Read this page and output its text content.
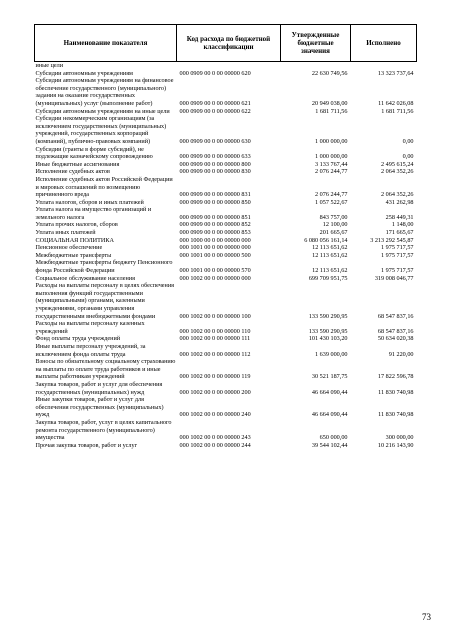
Наименование показателя	Код расхода по бюджетной классификации	Утвержденные бюджетные значения	Исполнено
иные цели			
Субсидии автономным учреждениям	000 0909 00 0 00 00000 620	22 630 749,56	13 323 737,64
Субсидии автономным учреждениям на финансовое обеспечение государственного (муниципального) задания на оказание государственных (муниципальных) услуг (выполнение работ)	000 0909 00 0 00 00000 621	20 949 038,00	11 642 026,08
Субсидии автономным учреждениям на иные цели	000 0909 00 0 00 00000 622	1 681 711,56	1 681 711,56
Субсидии некоммерческим организациям (за исключением государственных (муниципальных) учреждений, государственных корпораций (компаний), публично-правовых компаний)	000 0909 00 0 00 00000 630	1 000 000,00	0,00
Субсидии (гранты в форме субсидий), не подлежащие казначейскому сопровождению	000 0909 00 0 00 00000 633	1 000 000,00	0,00
Иные бюджетные ассигнования	000 0909 00 0 00 00000 800	3 133 767,44	2 495 615,24
Исполнение судебных актов	000 0909 00 0 00 00000 830	2 076 244,77	2 064 352,26
Исполнение судебных актов Российской Федерации и мировых соглашений по возмещению причиненного вреда	000 0909 00 0 00 00000 831	2 076 244,77	2 064 352,26
Уплата налогов, сборов и иных платежей	000 0909 00 0 00 00000 850	1 057 522,67	431 262,98
Уплата налога на имущество организаций и земельного налога	000 0909 00 0 00 00000 851	843 757,00	258 449,31
Уплата прочих налогов, сборов	000 0909 00 0 00 00000 852	12 100,00	1 148,00
Уплата иных платежей	000 0909 00 0 00 00000 853	201 665,67	171 665,67
СОЦИАЛЬНАЯ ПОЛИТИКА	000 1000 00 0 00 00000 000	6 080 056 161,14	3 213 292 545,87
Пенсионное обеспечение	000 1001 00 0 00 00000 000	12 113 651,62	1 975 717,57
Межбюджетные трансферты	000 1001 00 0 00 00000 500	12 113 651,62	1 975 717,57
Межбюджетные трансферты бюджету Пенсионного фонда Российской Федерации	000 1001 00 0 00 00000 570	12 113 651,62	1 975 717,57
Социальное обслуживание населения	000 1002 00 0 00 00000 000	699 709 951,75	319 008 046,77
Расходы на выплаты персоналу в целях обеспечения выполнения функций государственными (муниципальными) органами, казенными учреждениями, органами управления государственными внебюджетными фондами	000 1002 00 0 00 00000 100	133 590 290,95	68 547 837,16
Расходы на выплаты персоналу казенных учреждений	000 1002 00 0 00 00000 110	133 590 290,95	68 547 837,16
Фонд оплаты труда учреждений	000 1002 00 0 00 00000 111	101 430 103,20	50 634 020,38
Иные выплаты персоналу учреждений, за исключением фонда оплаты труда	000 1002 00 0 00 00000 112	1 639 000,00	91 220,00
Взносы по обязательному социальному страхованию на выплаты по оплате труда работников и иные выплаты работникам учреждений	000 1002 00 0 00 00000 119	30 521 187,75	17 822 596,78
Закупка товаров, работ и услуг для обеспечения государственных (муниципальных) нужд	000 1002 00 0 00 00000 200	46 664 090,44	11 830 740,98
Иные закупки товаров, работ и услуг для обеспечения государственных (муниципальных) нужд	000 1002 00 0 00 00000 240	46 664 090,44	11 830 740,98
Закупка товаров, работ, услуг в целях капитального ремонта государственного (муниципального) имущества	000 1002 00 0 00 00000 243	650 000,00	300 000,00
Прочая закупка товаров, работ и услуг	000 1002 00 0 00 00000 244	39 544 102,44	10 216 143,90
73
